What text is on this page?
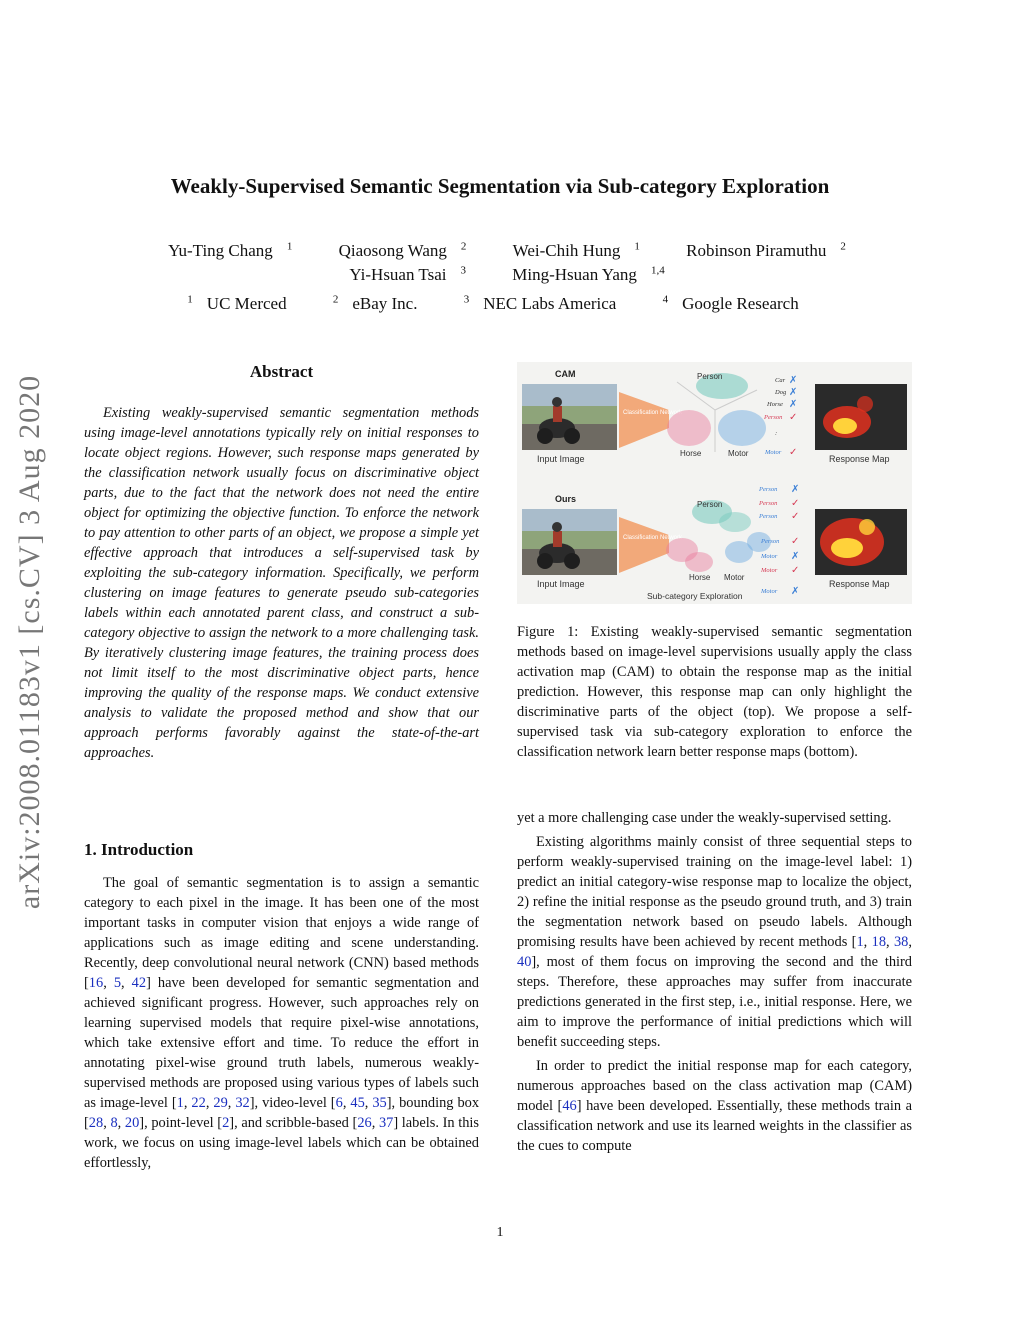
Weakly-Supervised Semantic Segmentation via Sub-category Exploration
Yu-Ting Chang $^1$	Qiaosong Wang $^2$	Wei-Chih Hung $^1$	Robinson Piramuthu $^2$
Yi-Hsuan Tsai $^3$	Ming-Hsuan Yang $^{1,4}$
$^1$ UC Merced	$^2$ eBay Inc.	$^3$ NEC Labs America	$^4$ Google Research
arXiv:2008.01183v1 [cs.CV] 3 Aug 2020
Abstract

Existing weakly-supervised semantic segmentation methods using image-level annotations typically rely on initial responses to locate object regions. However, such response maps generated by the classification network usually focus on discriminative object parts, due to the fact that the network does not need the entire object for optimizing the objective function. To enforce the network to pay attention to other parts of an object, we propose a simple yet effective approach that introduces a self-supervised task by exploiting the sub-category information. Specifically, we perform clustering on image features to generate pseudo sub-categories labels within each annotated parent class, and construct a sub-category objective to assign the network to a more challenging task. By iteratively clustering image features, the training process does not limit itself to the most discriminative object parts, hence improving the quality of the response maps. We conduct extensive analysis to validate the proposed method and show that our approach performs favorably against the state-of-the-art approaches.

1. Introduction

The goal of semantic segmentation is to assign a semantic category to each pixel in the image. It has been one of the most important tasks in computer vision that enjoys a wide range of applications such as image editing and scene understanding. Recently, deep convolutional neural network (CNN) based methods [16, 5, 42] have been developed for semantic segmentation and achieved significant progress. However, such approaches rely on learning supervised models that require pixel-wise annotations, which take extensive effort and time. To reduce the effort in annotating pixel-wise ground truth labels, numerous weakly-supervised methods are proposed using various types of labels such as image-level [1, 22, 29, 32], video-level [6, 45, 35], bounding box [28, 8, 20], point-level [2], and scribble-based [26, 37] labels. In this work, we focus on using image-level labels which can be obtained effortlessly,

CAM
Input Image
Classification Network
Person
Horse	Motor
Car
Dog
Horse
Person
:
Motor
✗
✗
✗
✓
✓
Response Map
Ours
Input Image
Classification Network
Person
Horse Motor
Sub-category Exploration
Person
Person
Person
Person
Motor
Motor
Motor
✗
✓
✓
✓
✗
✓
✗
Response Map

Figure 1: Existing weakly-supervised semantic segmentation methods based on image-level supervisions usually apply the class activation map (CAM) to obtain the response map as the initial prediction. However, this response map can only highlight the discriminative parts of the object (top). We propose a self-supervised task via sub-category exploration to enforce the classification network learn better response maps (bottom).

yet a more challenging case under the weakly-supervised setting.

Existing algorithms mainly consist of three sequential steps to perform weakly-supervised training on the image-level label: 1) predict an initial category-wise response map to localize the object, 2) refine the initial response as the pseudo ground truth, and 3) train the segmentation network based on pseudo labels. Although promising results have been achieved by recent methods [1, 18, 38, 40], most of them focus on improving the second and the third steps. Therefore, these approaches may suffer from inaccurate predictions generated in the first step, i.e., initial response. Here, we aim to improve the performance of initial predictions which will benefit succeeding steps.

In order to predict the initial response map for each category, numerous approaches based on the class activation map (CAM) model [46] have been developed. Essentially, these methods train a classification network and use its learned weights in the classifier as the cues to compute

1
